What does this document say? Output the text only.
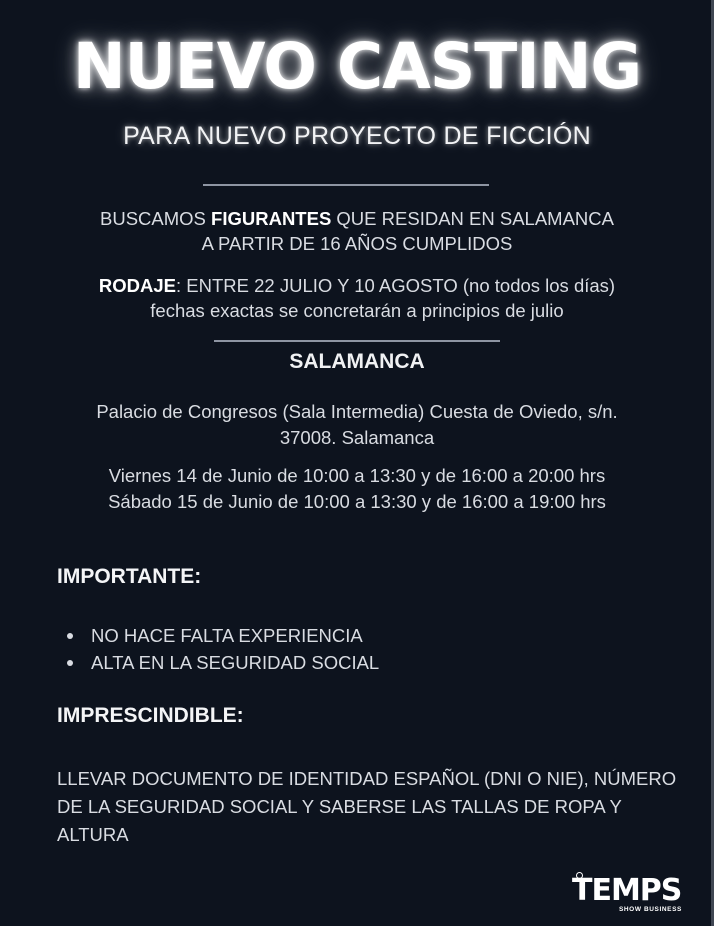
NUEVO CASTING
PARA NUEVO PROYECTO DE FICCIÓN
BUSCAMOS FIGURANTES QUE RESIDAN EN SALAMANCA
A PARTIR DE 16 AÑOS CUMPLIDOS
RODAJE: ENTRE 22 JULIO Y 10 AGOSTO (no todos los días)
fechas exactas se concretarán a principios de julio
SALAMANCA
Palacio de Congresos (Sala Intermedia) Cuesta de Oviedo, s/n.
37008. Salamanca
Viernes 14 de Junio de 10:00 a 13:30 y de 16:00 a 20:00 hrs
Sábado 15 de Junio de 10:00 a 13:30 y de 16:00 a 19:00 hrs
IMPORTANTE:
NO HACE FALTA EXPERIENCIA
ALTA EN LA SEGURIDAD SOCIAL
IMPRESCINDIBLE:
LLEVAR DOCUMENTO DE IDENTIDAD ESPAÑOL (DNI O NIE), NÚMERO DE LA SEGURIDAD SOCIAL Y SABERSE LAS TALLAS DE ROPA Y ALTURA
TEMPS
SHOW BUSINESS
